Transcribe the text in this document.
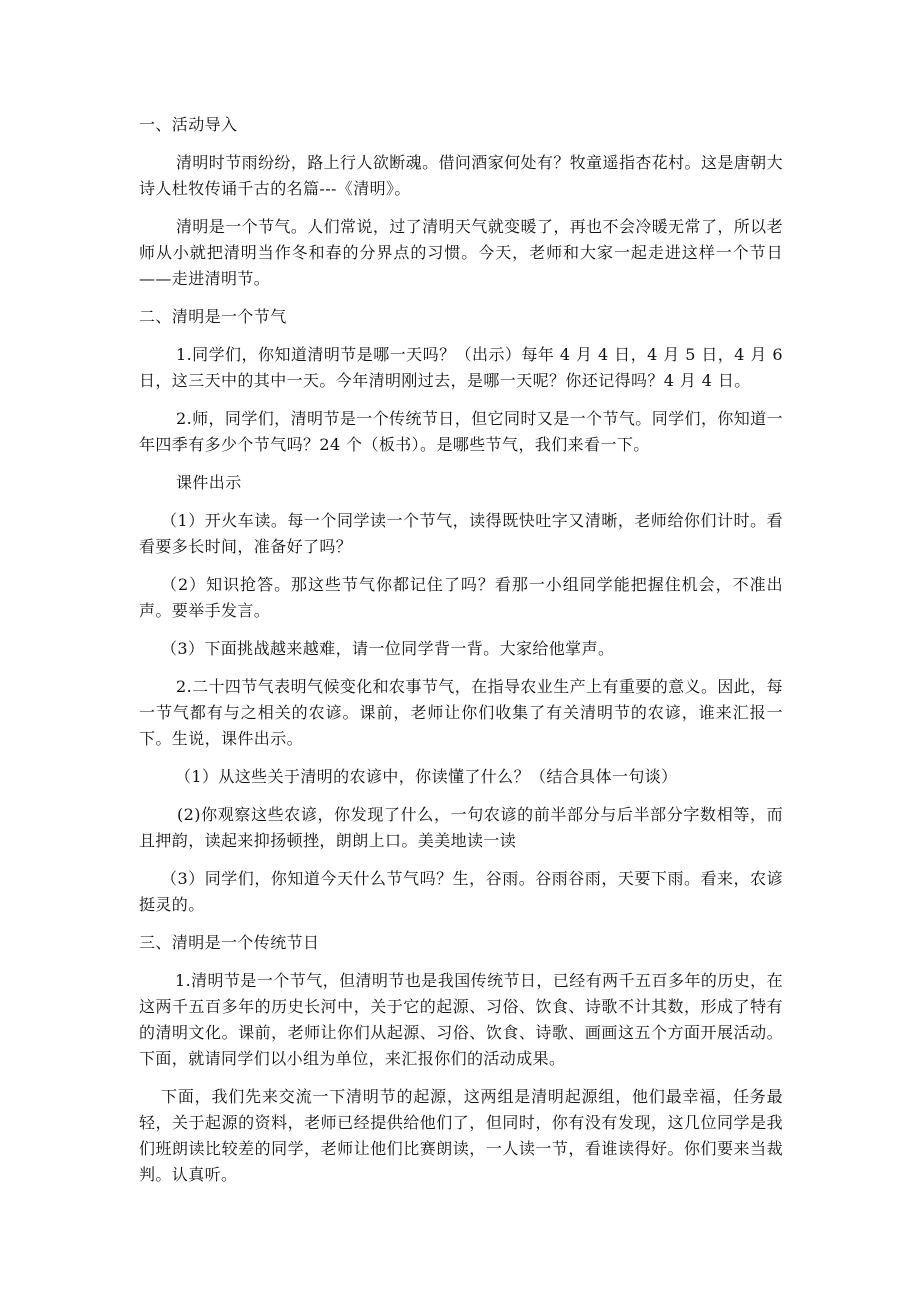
一、活动导入

清明时节雨纷纷，路上行人欲断魂。借问酒家何处有？牧童遥指杏花村。这是唐朝大诗人杜牧传诵千古的名篇---《清明》。

清明是一个节气。人们常说，过了清明天气就变暖了，再也不会冷暖无常了，所以老师从小就把清明当作冬和春的分界点的习惯。今天，老师和大家一起走进这样一个节日——走进清明节。

二、清明是一个节气

1.同学们，你知道清明节是哪一天吗？（出示）每年 4 月 4 日，4 月 5 日，4 月 6 日，这三天中的其中一天。今年清明刚过去，是哪一天呢？你还记得吗？4 月 4 日。

2.师，同学们，清明节是一个传统节日，但它同时又是一个节气。同学们，你知道一年四季有多少个节气吗？24 个（板书）。是哪些节气，我们来看一下。

课件出示

（1）开火车读。每一个同学读一个节气，读得既快吐字又清晰，老师给你们计时。看看要多长时间，准备好了吗？

（2）知识抢答。那这些节气你都记住了吗？看那一小组同学能把握住机会，不准出声。要举手发言。

（3）下面挑战越来越难，请一位同学背一背。大家给他掌声。

2.二十四节气表明气候变化和农事节气，在指导农业生产上有重要的意义。因此，每一节气都有与之相关的农谚。课前，老师让你们收集了有关清明节的农谚，谁来汇报一下。生说，课件出示。

（1）从这些关于清明的农谚中，你读懂了什么？（结合具体一句谈）

(2)你观察这些农谚，你发现了什么，一句农谚的前半部分与后半部分字数相等，而且押韵，读起来抑扬顿挫，朗朗上口。美美地读一读

（3）同学们，你知道今天什么节气吗？生，谷雨。谷雨谷雨，天要下雨。看来，农谚挺灵的。

三、清明是一个传统节日

1.清明节是一个节气，但清明节也是我国传统节日，已经有两千五百多年的历史，在这两千五百多年的历史长河中，关于它的起源、习俗、饮食、诗歌不计其数，形成了特有的清明文化。课前，老师让你们从起源、习俗、饮食、诗歌、画画这五个方面开展活动。下面，就请同学们以小组为单位，来汇报你们的活动成果。

下面，我们先来交流一下清明节的起源，这两组是清明起源组，他们最幸福，任务最轻，关于起源的资料，老师已经提供给他们了，但同时，你有没有发现，这几位同学是我们班朗读比较差的同学，老师让他们比赛朗读，一人读一节，看谁读得好。你们要来当裁判。认真听。
